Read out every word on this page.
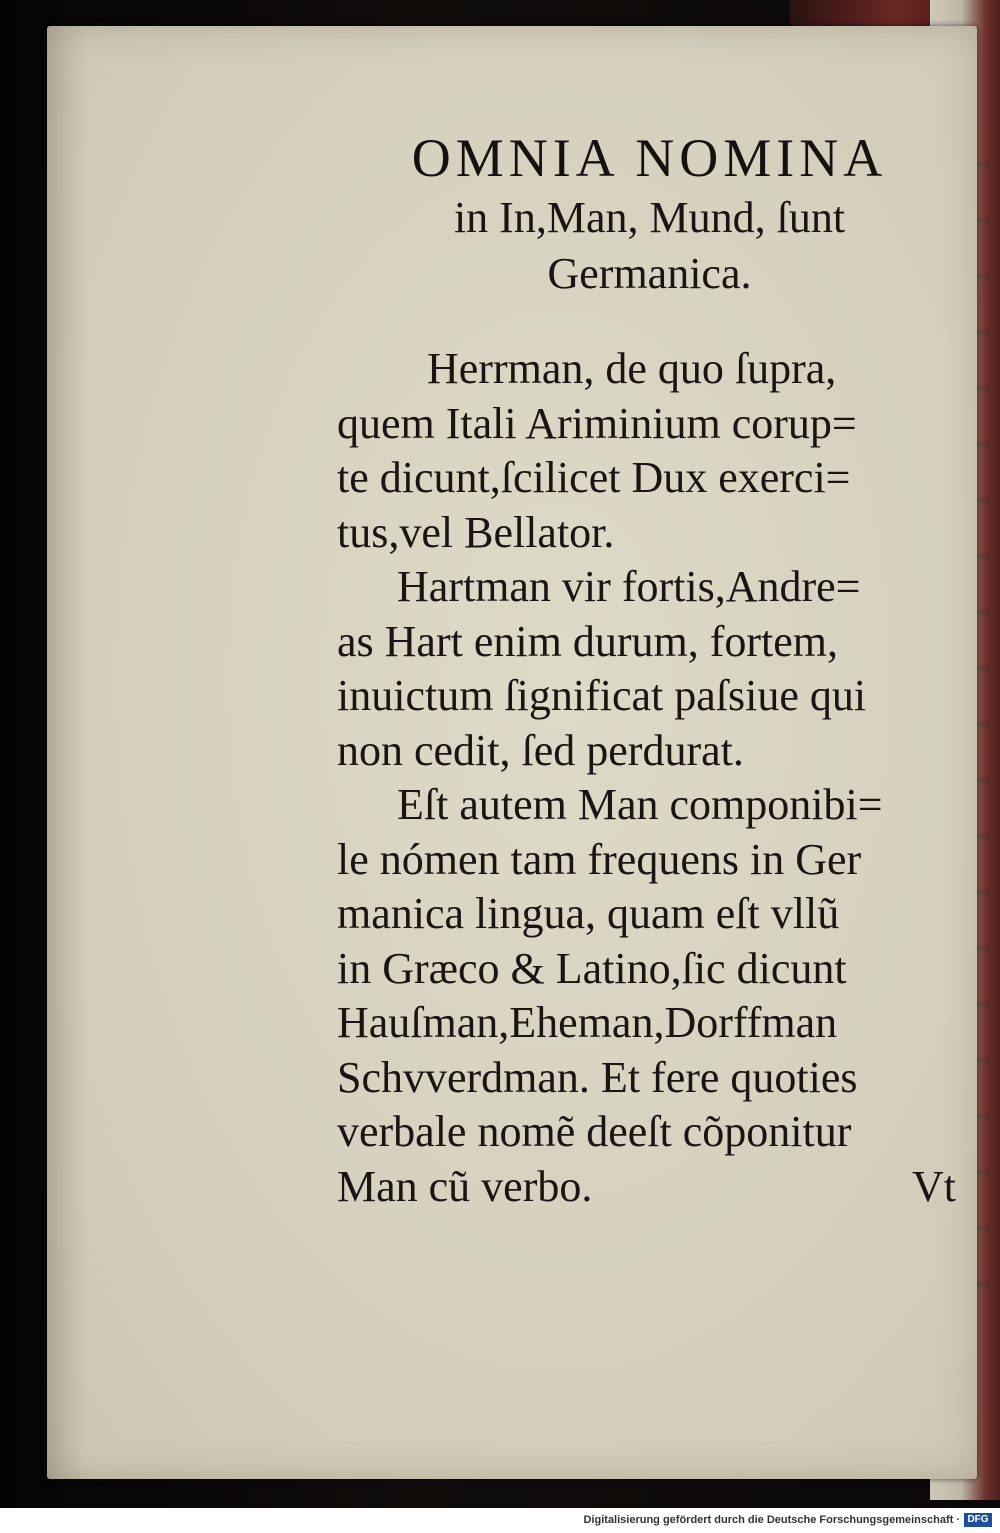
OMNIA NOMINA

in In,Man, Mund, ſunt

Germanica.

Herrman, de quo ſupra,
quem Itali Ariminium corup=
te dicunt,ſcilicet Dux exerci=
tus,vel Bellator.
Hartman vir fortis,Andre=
as Hart enim durum, fortem,
inuictum ſignificat paſsiue qui
non cedit, ſed perdurat.
Eſt autem Man componibi=
le nómen tam frequens in Ger
manica lingua, quam eſt vllũ
in Græco & Latino,ſic dicunt
Hauſman,Eheman,Dorffman
Schvverdman. Et fere quoties
verbale nomẽ deeſt cõponitur
Man cũ verbo.	Vt
Digitalisierung gefördert durch die Deutsche Forschungsgemeinschaft · DFG
